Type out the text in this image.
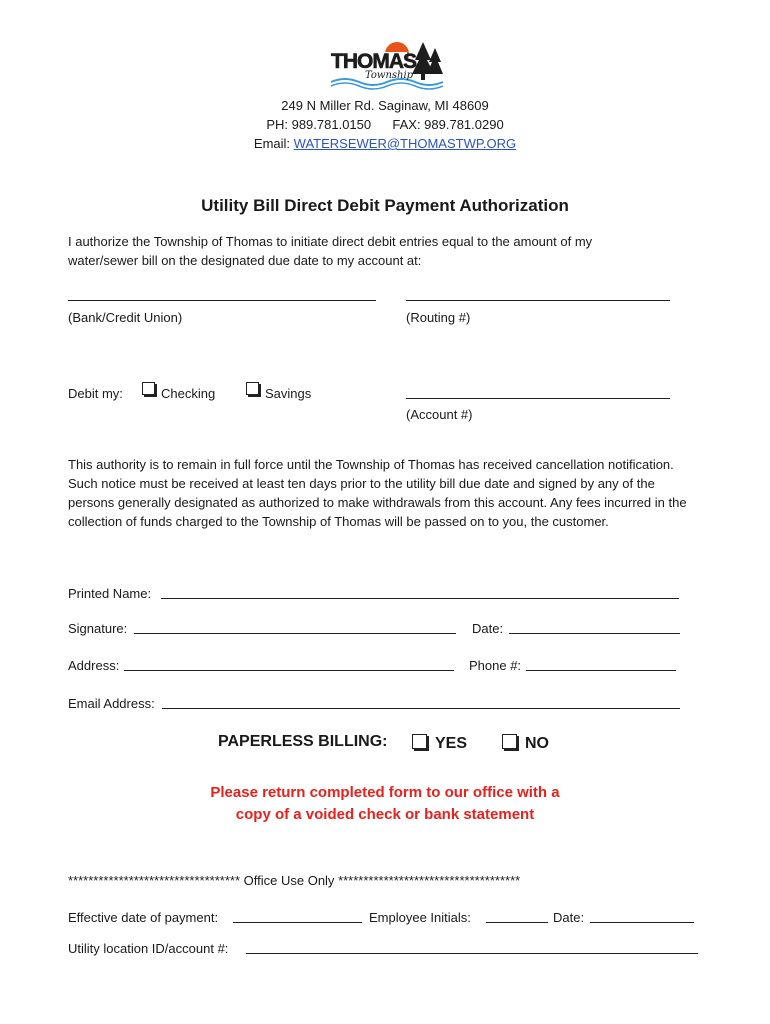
THOMAS
Township
249 N Miller Rd. Saginaw, MI 48609
PH: 989.781.0150 FAX: 989.781.0290
Email: WATERSEWER@THOMASTWP.ORG
Utility Bill Direct Debit Payment Authorization
I authorize the Township of Thomas to initiate direct debit entries equal to the amount of my water/sewer bill on the designated due date to my account at:
(Bank/Credit Union)	(Routing #)
Debit my:	Checking	Savings
(Account #)
This authority is to remain in full force until the Township of Thomas has received cancellation notification. Such notice must be received at least ten days prior to the utility bill due date and signed by any of the persons generally designated as authorized to make withdrawals from this account. Any fees incurred in the collection of funds charged to the Township of Thomas will be passed on to you, the customer.
Printed Name:
Signature:	Date:
Address:	Phone #:
Email Address:
PAPERLESS BILLING:	YES	NO
Please return completed form to our office with a
copy of a voided check or bank statement
********************************** Office Use Only ************************************
Effective date of payment:	Employee Initials:	Date:
Utility location ID/account #:
